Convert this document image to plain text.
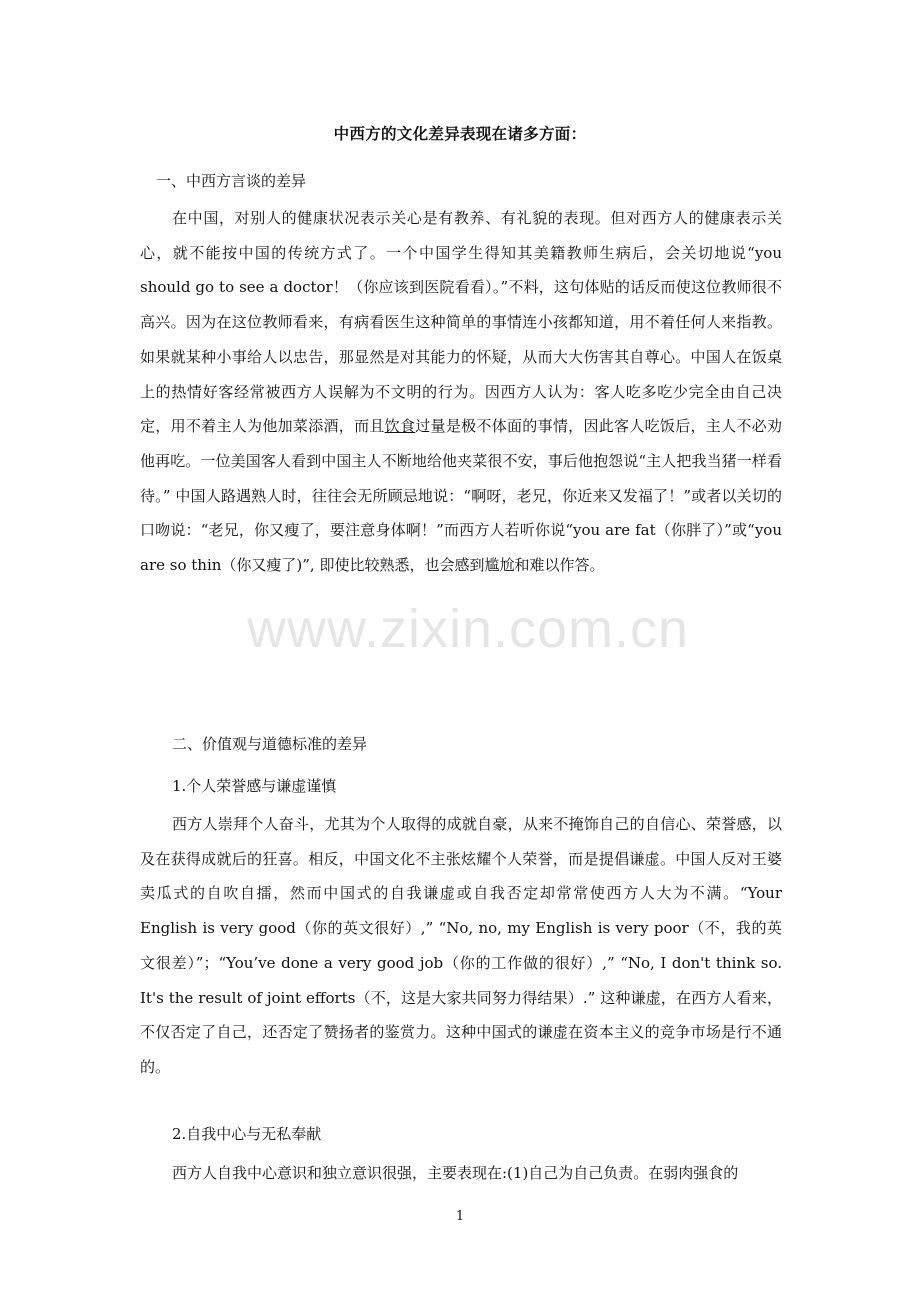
中西方的文化差异表现在诸多方面：
一、中西方言谈的差异

在中国，对别人的健康状况表示关心是有教养、有礼貌的表现。但对西方人的健康表示关心，就不能按中国的传统方式了。一个中国学生得知其美籍教师生病后，会关切地说“you should go to see a doctor！（你应该到医院看看）。”不料，这句体贴的话反而使这位教师很不高兴。因为在这位教师看来，有病看医生这种简单的事情连小孩都知道，用不着任何人来指教。如果就某种小事给人以忠告，那显然是对其能力的怀疑，从而大大伤害其自尊心。中国人在饭桌上的热情好客经常被西方人误解为不文明的行为。因西方人认为：客人吃多吃少完全由自己决定，用不着主人为他加菜添酒，而且饮食过量是极不体面的事情，因此客人吃饭后，主人不必劝他再吃。一位美国客人看到中国主人不断地给他夹菜很不安，事后他抱怨说“主人把我当猪一样看待。” 中国人路遇熟人时，往往会无所顾忌地说：“啊呀，老兄，你近来又发福了！”或者以关切的口吻说：“老兄，你又瘦了，要注意身体啊！”而西方人若听你说“you are fat（你胖了）”或“you are so thin（你又瘦了)”, 即使比较熟悉，也会感到尴尬和难以作答。

二、价值观与道德标准的差异
1.个人荣誉感与谦虚谨慎

西方人崇拜个人奋斗，尤其为个人取得的成就自豪，从来不掩饰自己的自信心、荣誉感，以及在获得成就后的狂喜。相反，中国文化不主张炫耀个人荣誉，而是提倡谦虚。中国人反对王婆卖瓜式的自吹自擂，然而中国式的自我谦虚或自我否定却常常使西方人大为不满。“Your English is very good（你的英文很好）,” “No, no, my English is very poor（不，我的英文很差）”；“You’ve done a very good job（你的工作做的很好）,” “No, I don't think so. It's the result of joint efforts（不，这是大家共同努力得结果）.” 这种谦虚，在西方人看来，不仅否定了自己，还否定了赞扬者的鉴赏力。这种中国式的谦虚在资本主义的竞争市场是行不通的。

2.自我中心与无私奉献

西方人自我中心意识和独立意识很强，主要表现在:(1)自己为自己负责。在弱肉强食的

www.zixin.com.cn
1
